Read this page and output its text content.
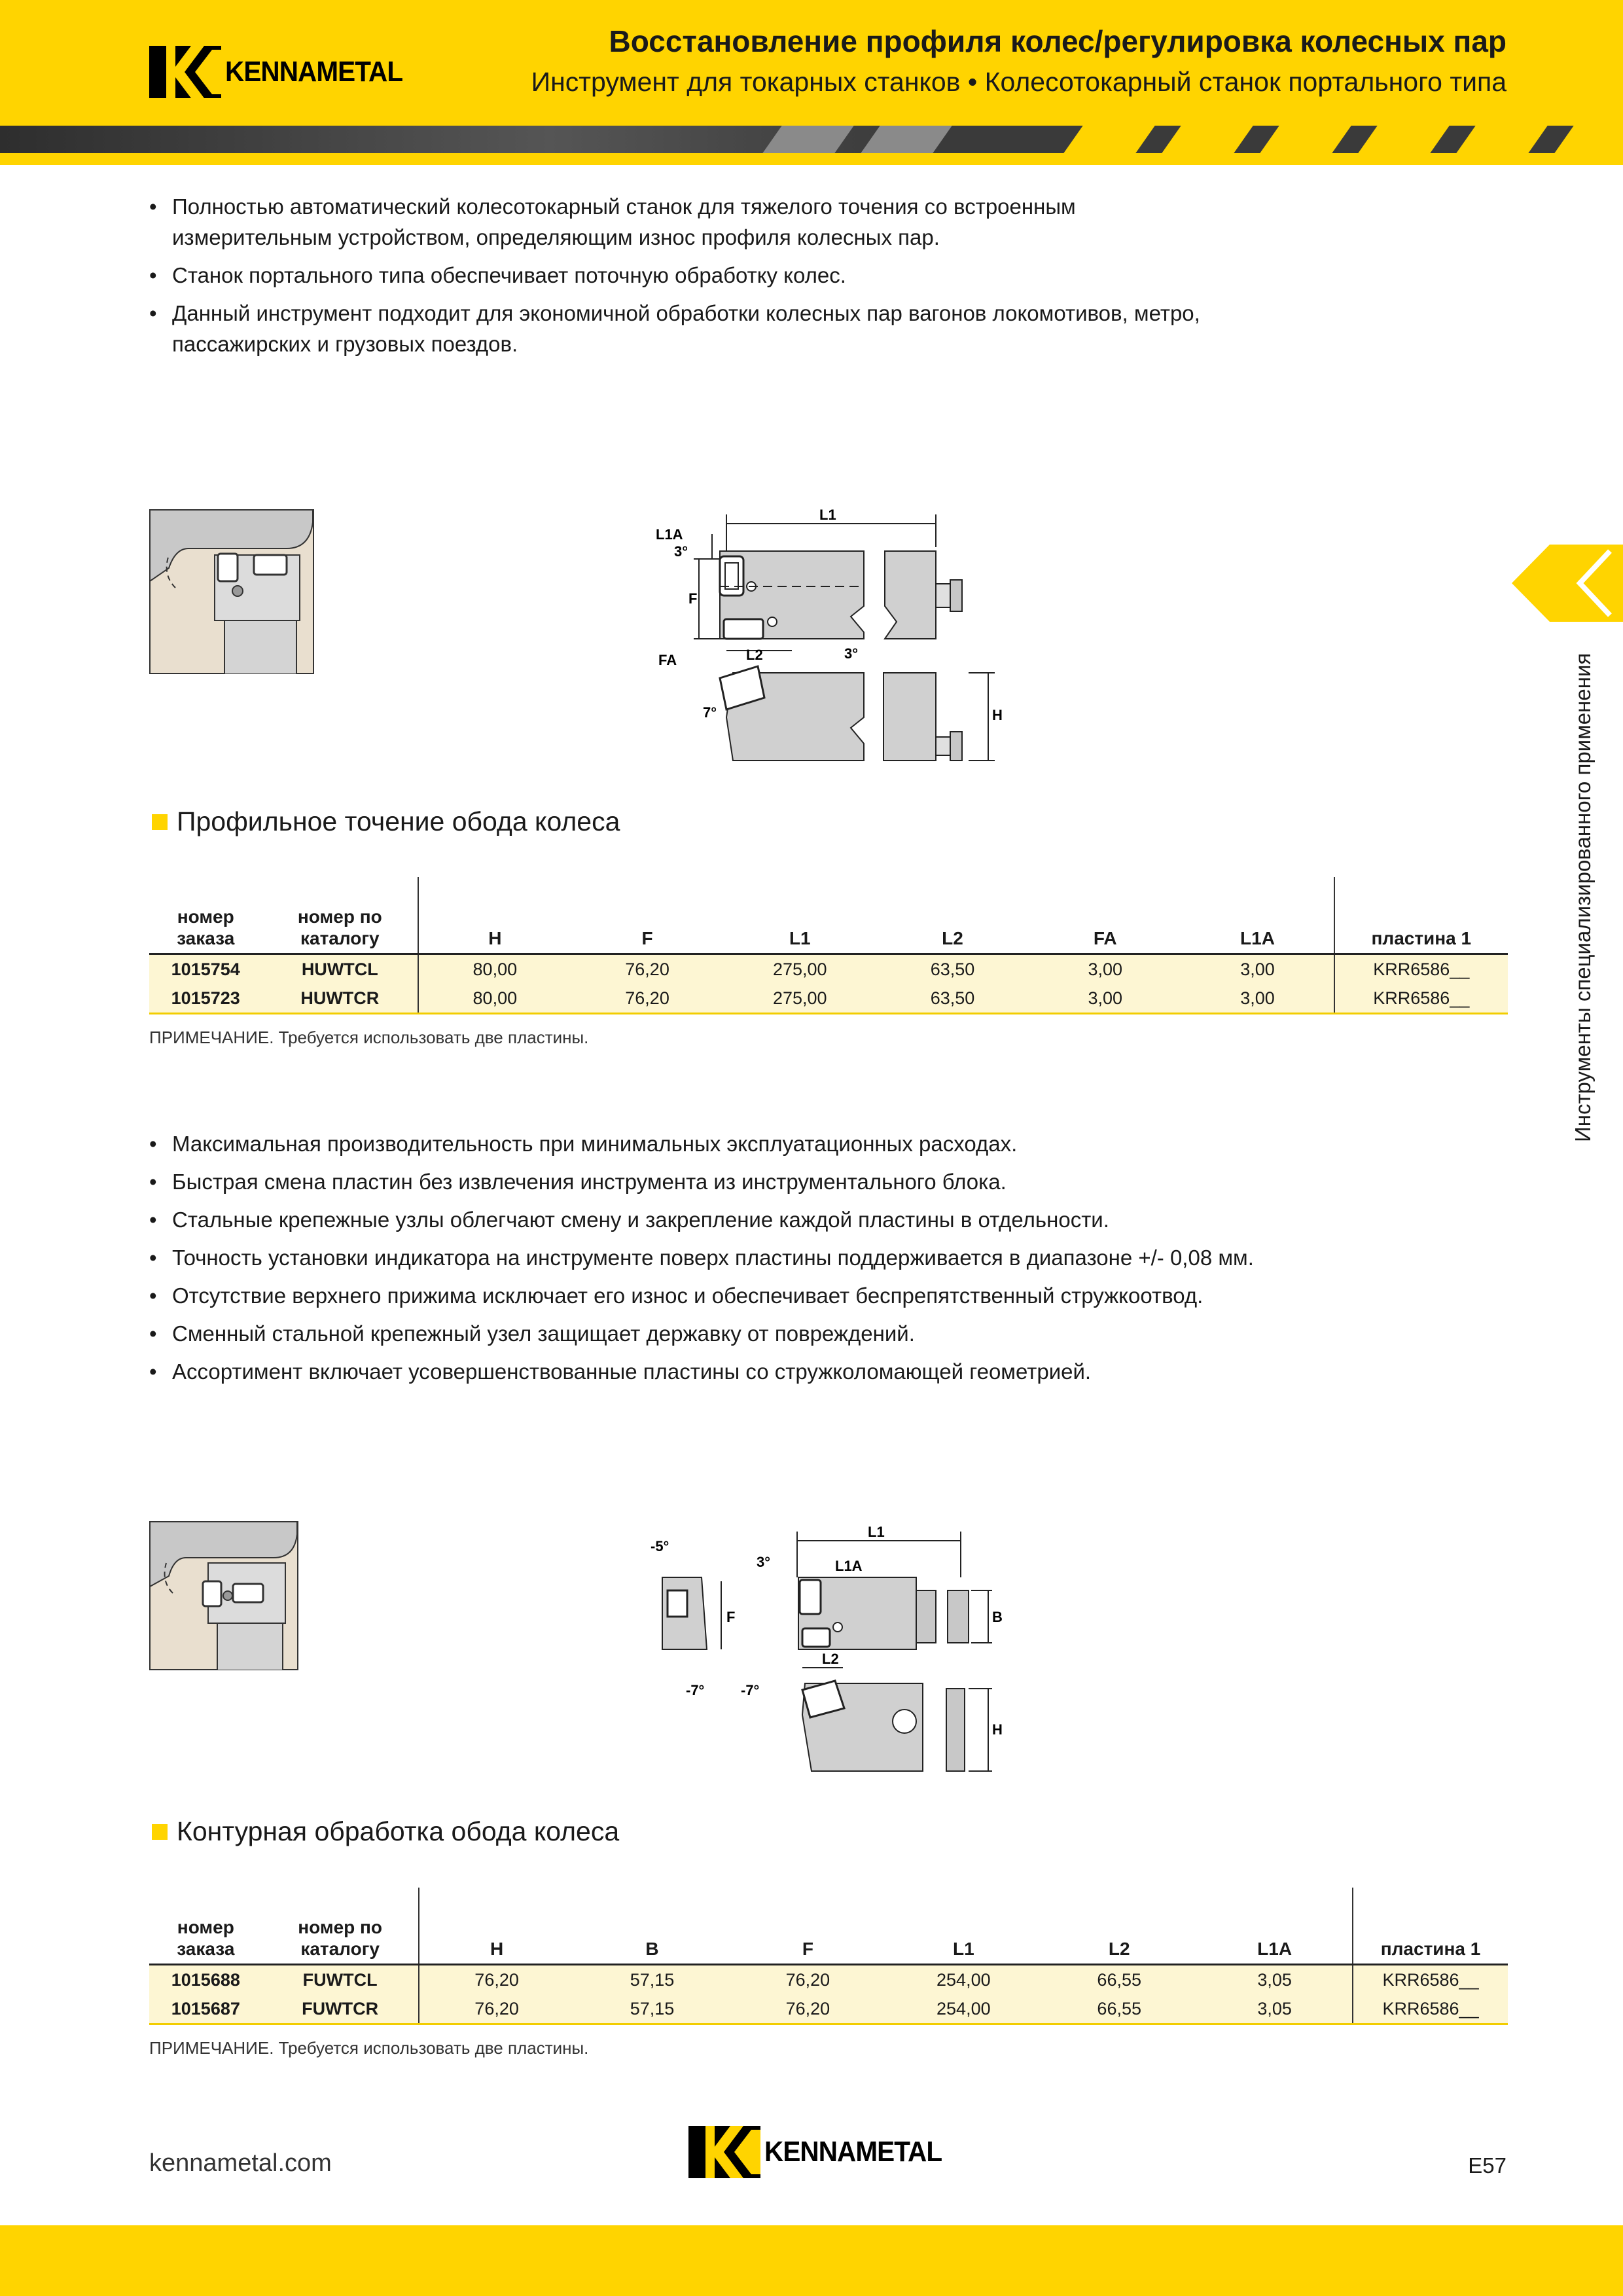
KENNAMETAL
Восстановление профиля колес/регулировка колесных пар
Инструмент для токарных станков • Колесотокарный станок портального типа
Инструменты специализированного применения
• Полностью автоматический колесотокарный станок для тяжелого точения со встроенным измерительным устройством, определяющим износ профиля колесных пар.
• Станок портального типа обеспечивает поточную обработку колес.
• Данный инструмент подходит для экономичной обработки колесных пар вагонов локомотивов, метро, пассажирских и грузовых поездов.
L1
L1A
3°
F
L2	3°
FA
7°	H
Профильное точение обода колеса
номер заказа	номер по каталогу	H	F	L1	L2	FA	L1A	пластина 1
1015754	HUWTCL	80,00	76,20	275,00	63,50	3,00	3,00	KRR6586__
1015723	HUWTCR	80,00	76,20	275,00	63,50	3,00	3,00	KRR6586__
ПРИМЕЧАНИЕ. Требуется использовать две пластины.
• Максимальная производительность при минимальных эксплуатационных расходах.
• Быстрая смена пластин без извлечения инструмента из инструментального блока.
• Стальные крепежные узлы облегчают смену и закрепление каждой пластины в отдельности.
• Точность установки индикатора на инструменте поверх пластины поддерживается в диапазоне +/- 0,08 мм.
• Отсутствие верхнего прижима исключает его износ и обеспечивает беспрепятственный стружкоотвод.
• Сменный стальной крепежный узел защищает державку от повреждений.
• Ассортимент включает усовершенствованные пластины со стружколомающей геометрией.
L1
-5°
3°	L1A
F	B
L2
-7°	-7°
H
Контурная обработка обода колеса
номер заказа	номер по каталогу	H	B	F	L1	L2	L1A	пластина 1
1015688	FUWTCL	76,20	57,15	76,20	254,00	66,55	3,05	KRR6586__
1015687	FUWTCR	76,20	57,15	76,20	254,00	66,55	3,05	KRR6586__
ПРИМЕЧАНИЕ. Требуется использовать две пластины.
kennametal.com	KENNAMETAL	E57
